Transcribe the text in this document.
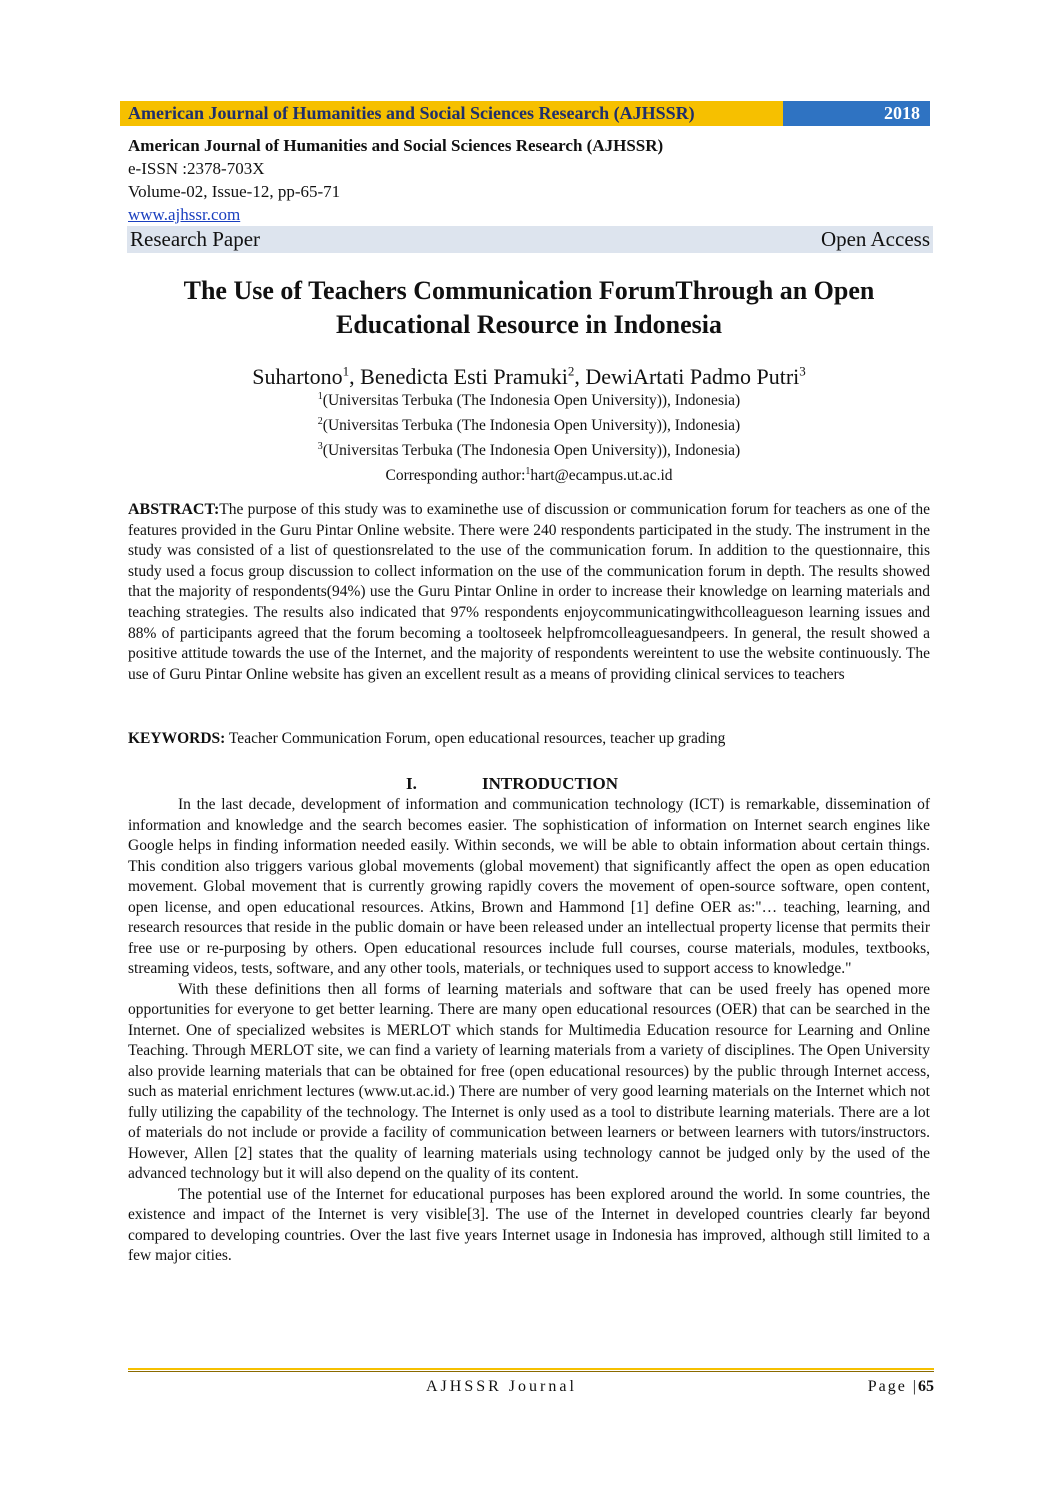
American Journal of Humanities and Social Sciences Research (AJHSSR)	2018
American Journal of Humanities and Social Sciences Research (AJHSSR)
e-ISSN :2378-703X
Volume-02, Issue-12, pp-65-71
www.ajhssr.com
Research Paper	Open Access
The Use of Teachers Communication ForumThrough an Open
Educational Resource in Indonesia
Suhartono$^1$, Benedicta Esti Pramuki$^2$, DewiArtati Padmo Putri$^3$
$^1$(Universitas Terbuka (The Indonesia Open University)), Indonesia)
$^2$(Universitas Terbuka (The Indonesia Open University)), Indonesia)
$^3$(Universitas Terbuka (The Indonesia Open University)), Indonesia)
Corresponding author:$^1$hart@ecampus.ut.ac.id
ABSTRACT:The purpose of this study was to examinethe use of discussion or communication forum for teachers as one of the features provided in the Guru Pintar Online website. There were 240 respondents participated in the study. The instrument in the study was consisted of a list of questionsrelated to the use of the communication forum. In addition to the questionnaire, this study used a focus group discussion to collect information on the use of the communication forum in depth. The results showed that the majority of respondents(94%) use the Guru Pintar Online in order to increase their knowledge on learning materials and teaching strategies. The results also indicated that 97% respondents enjoycommunicatingwithcolleagueson learning issues and 88% of participants agreed that the forum becoming a tooltoseek helpfromcolleaguesandpeers. In general, the result showed a positive attitude towards the use of the Internet, and the majority of respondents wereintent to use the website continuously. The use of Guru Pintar Online website has given an excellent result as a means of providing clinical services to teachers
KEYWORDS: Teacher Communication Forum, open educational resources, teacher up grading
I.	INTRODUCTION

In the last decade, development of information and communication technology (ICT) is remarkable, dissemination of information and knowledge and the search becomes easier. The sophistication of information on Internet search engines like Google helps in finding information needed easily. Within seconds, we will be able to obtain information about certain things. This condition also triggers various global movements (global movement) that significantly affect the open as open education movement. Global movement that is currently growing rapidly covers the movement of open-source software, open content, open license, and open educational resources. Atkins, Brown and Hammond [1] define OER as:"… teaching, learning, and research resources that reside in the public domain or have been released under an intellectual property license that permits their free use or re-purposing by others. Open educational resources include full courses, course materials, modules, textbooks, streaming videos, tests, software, and any other tools, materials, or techniques used to support access to knowledge."

With these definitions then all forms of learning materials and software that can be used freely has opened more opportunities for everyone to get better learning. There are many open educational resources (OER) that can be searched in the Internet. One of specialized websites is MERLOT which stands for Multimedia Education resource for Learning and Online Teaching. Through MERLOT site, we can find a variety of learning materials from a variety of disciplines. The Open University also provide learning materials that can be obtained for free (open educational resources) by the public through Internet access, such as material enrichment lectures (www.ut.ac.id.) There are number of very good learning materials on the Internet which not fully utilizing the capability of the technology. The Internet is only used as a tool to distribute learning materials. There are a lot of materials do not include or provide a facility of communication between learners or between learners with tutors/instructors. However, Allen [2] states that the quality of learning materials using technology cannot be judged only by the used of the advanced technology but it will also depend on the quality of its content.

The potential use of the Internet for educational purposes has been explored around the world. In some countries, the existence and impact of the Internet is very visible[3]. The use of the Internet in developed countries clearly far beyond compared to developing countries. Over the last five years Internet usage in Indonesia has improved, although still limited to a few major cities.

AJHSSR Journal	Page |65
